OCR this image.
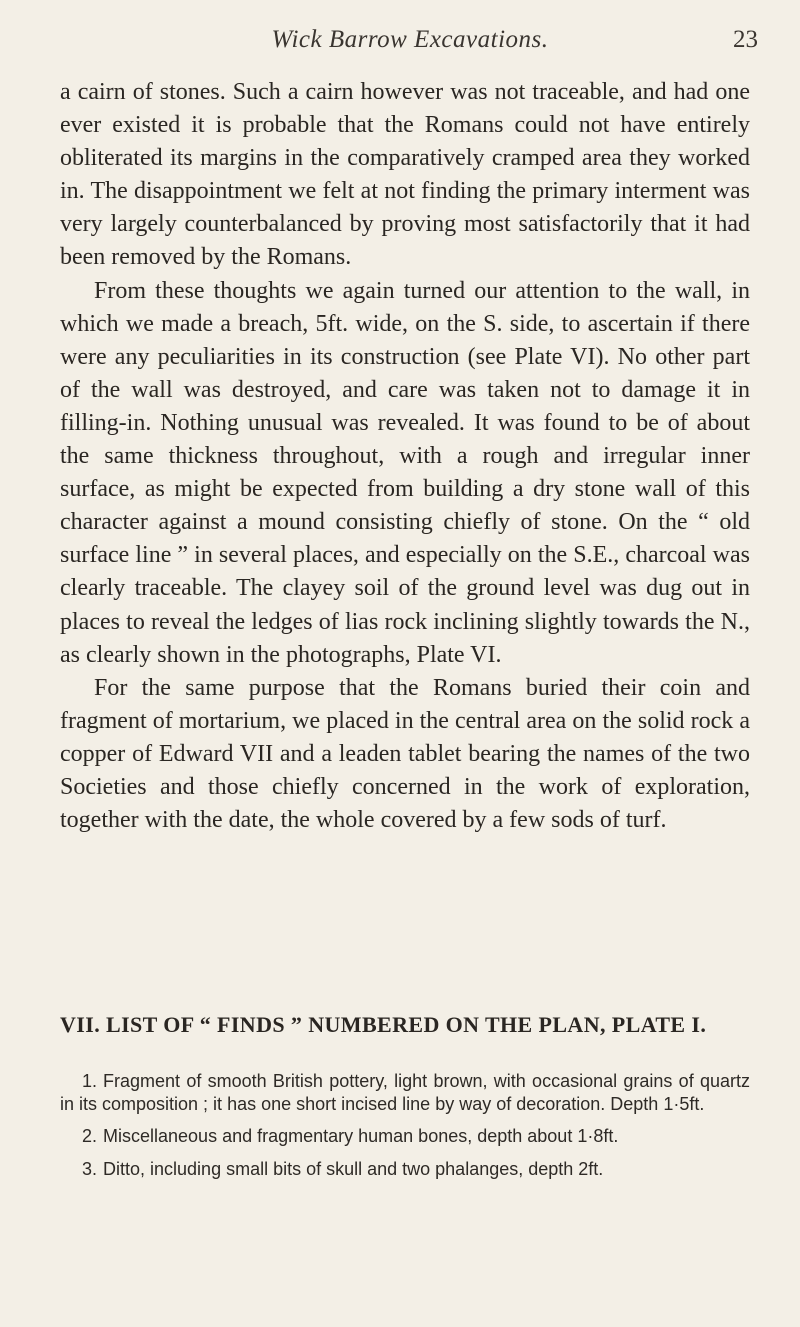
Wick Barrow Excavations.	23

a cairn of stones. Such a cairn however was not traceable, and had one ever existed it is probable that the Romans could not have entirely obliterated its margins in the comparatively cramped area they worked in. The disappointment we felt at not finding the primary interment was very largely counterbalanced by proving most satisfactorily that it had been removed by the Romans.

From these thoughts we again turned our attention to the wall, in which we made a breach, 5ft. wide, on the S. side, to ascertain if there were any peculiarities in its construction (see Plate VI). No other part of the wall was destroyed, and care was taken not to damage it in filling-in. Nothing unusual was revealed. It was found to be of about the same thickness throughout, with a rough and irregular inner surface, as might be expected from building a dry stone wall of this character against a mound consisting chiefly of stone. On the “ old surface line ” in several places, and especially on the S.E., charcoal was clearly traceable. The clayey soil of the ground level was dug out in places to reveal the ledges of lias rock inclining slightly towards the N., as clearly shown in the photographs, Plate VI.

For the same purpose that the Romans buried their coin and fragment of mortarium, we placed in the central area on the solid rock a copper of Edward VII and a leaden tablet bearing the names of the two Societies and those chiefly concerned in the work of exploration, together with the date, the whole covered by a few sods of turf.

VII. LIST OF “ FINDS ” NUMBERED ON THE PLAN, PLATE I.

1. Fragment of smooth British pottery, light brown, with occasional grains of quartz in its composition ; it has one short incised line by way of decoration. Depth 1·5ft.

2. Miscellaneous and fragmentary human bones, depth about 1·8ft.

3. Ditto, including small bits of skull and two phalanges, depth 2ft.
